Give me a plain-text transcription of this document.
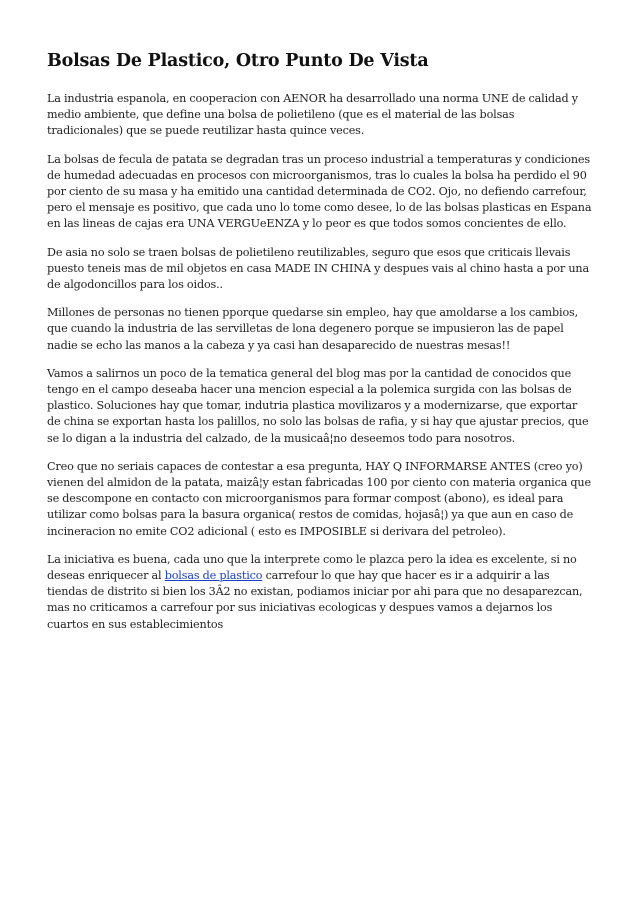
Bolsas De Plastico, Otro Punto De Vista

La industria espanola, en cooperacion con AENOR ha desarrollado una norma UNE de calidad y medio ambiente, que define una bolsa de polietileno (que es el material de las bolsas tradicionales) que se puede reutilizar hasta quince veces.

La bolsas de fecula de patata se degradan tras un proceso industrial a temperaturas y condiciones de humedad adecuadas en procesos con microorganismos, tras lo cuales la bolsa ha perdido el 90 por ciento de su masa y ha emitido una cantidad determinada de CO2. Ojo, no defiendo carrefour, pero el mensaje es positivo, que cada uno lo tome como desee, lo de las bolsas plasticas en Espana en las lineas de cajas era UNA VERGUeENZA y lo peor es que todos somos concientes de ello.

De asia no solo se traen bolsas de polietileno reutilizables, seguro que esos que criticais llevais puesto teneis mas de mil objetos en casa MADE IN CHINA y despues vais al chino hasta a por una de algodoncillos para los oidos..

Millones de personas no tienen pporque quedarse sin empleo, hay que amoldarse a los cambios, que cuando la industria de las servilletas de lona degenero porque se impusieron las de papel nadie se echo las manos a la cabeza y ya casi han desaparecido de nuestras mesas!!

Vamos a salirnos un poco de la tematica general del blog mas por la cantidad de conocidos que tengo en el campo deseaba hacer una mencion especial a la polemica surgida con las bolsas de plastico. Soluciones hay que tomar, indutria plastica movilizaros y a modernizarse, que exportar de china se exportan hasta los palillos, no solo las bolsas de rafia, y si hay que ajustar precios, que se lo digan a la industria del calzado, de la musicaâ¦no deseemos todo para nosotros.

Creo que no seriais capaces de contestar a esa pregunta, HAY Q INFORMARSE ANTES (creo yo) vienen del almidon de la patata, maizâ¦y estan fabricadas 100 por ciento con materia organica que se descompone en contacto con microorganismos para formar compost (abono), es ideal para utilizar como bolsas para la basura organica( restos de comidas, hojasâ¦) ya que aun en caso de incineracion no emite CO2 adicional ( esto es IMPOSIBLE si derivara del petroleo).

La iniciativa es buena, cada uno que la interprete como le plazca pero la idea es excelente, si no deseas enriquecer al bolsas de plastico carrefour lo que hay que hacer es ir a adquirir a las tiendas de distrito si bien los 3Â2 no existan, podiamos iniciar por ahi para que no desaparezcan, mas no criticamos a carrefour por sus iniciativas ecologicas y despues vamos a dejarnos los cuartos en sus establecimientos
